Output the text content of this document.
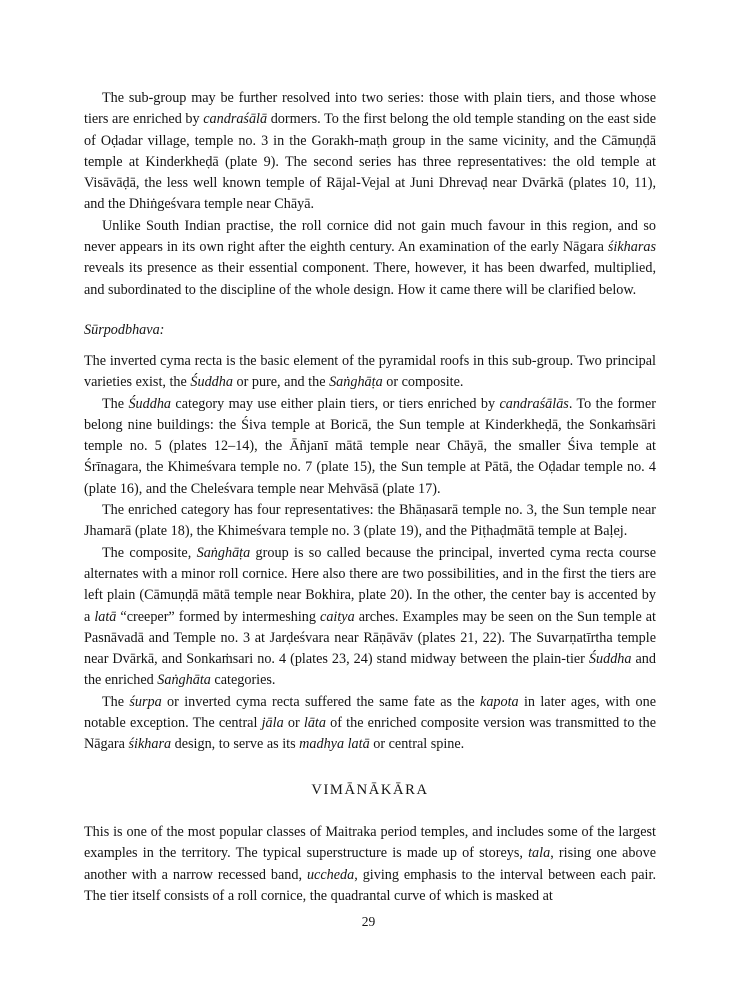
The sub-group may be further resolved into two series: those with plain tiers, and those whose tiers are enriched by candraśālā dormers. To the first belong the old temple standing on the east side of Oḍadar village, temple no. 3 in the Gorakh-maṭh group in the same vicinity, and the Cāmuṇḍā temple at Kinderkheḍā (plate 9). The second series has three representatives: the old temple at Visāvāḍā, the less well known temple of Rājal-Vejal at Juni Dhrevaḍ near Dvārkā (plates 10, 11), and the Dhiṅgeśvara temple near Chāyā.

Unlike South Indian practise, the roll cornice did not gain much favour in this region, and so never appears in its own right after the eighth century. An examination of the early Nāgara śikharas reveals its presence as their essential component. There, however, it has been dwarfed, multiplied, and subordinated to the discipline of the whole design. How it came there will be clarified below.

Sūrpodbhava:

The inverted cyma recta is the basic element of the pyramidal roofs in this sub-group. Two principal varieties exist, the Śuddha or pure, and the Saṅghāṭa or composite.

The Śuddha category may use either plain tiers, or tiers enriched by candraśālās. To the former belong nine buildings: the Śiva temple at Boricā, the Sun temple at Kinderkheḍā, the Sonkaṁsāri temple no. 5 (plates 12–14), the Āñjanī mātā temple near Chāyā, the smaller Śiva temple at Śrīnagara, the Khimeśvara temple no. 7 (plate 15), the Sun temple at Pātā, the Oḍadar temple no. 4 (plate 16), and the Cheleśvara temple near Mehvāsā (plate 17).

The enriched category has four representatives: the Bhāṇasarā temple no. 3, the Sun temple near Jhamarā (plate 18), the Khimeśvara temple no. 3 (plate 19), and the Piṭhaḍmātā temple at Baḷej.

The composite, Saṅghāṭa group is so called because the principal, inverted cyma recta course alternates with a minor roll cornice. Here also there are two possibilities, and in the first the tiers are left plain (Cāmuṇḍā mātā temple near Bokhira, plate 20). In the other, the center bay is accented by a latā “creeper” formed by intermeshing caitya arches. Examples may be seen on the Sun temple at Pasnāvadā and Temple no. 3 at Jarḍeśvara near Rāṇāvāv (plates 21, 22). The Suvarṇatīrtha temple near Dvārkā, and Sonkaṁsari no. 4 (plates 23, 24) stand midway between the plain-tier Śuddha and the enriched Saṅghāta categories.

The śurpa or inverted cyma recta suffered the same fate as the kapota in later ages, with one notable exception. The central jāla or lāta of the enriched composite version was transmitted to the Nāgara śikhara design, to serve as its madhya latā or central spine.

VIMĀNĀKĀRA

This is one of the most popular classes of Maitraka period temples, and includes some of the largest examples in the territory. The typical superstructure is made up of storeys, tala, rising one above another with a narrow recessed band, uccheda, giving emphasis to the interval between each pair. The tier itself consists of a roll cornice, the quadrantal curve of which is masked at

29
